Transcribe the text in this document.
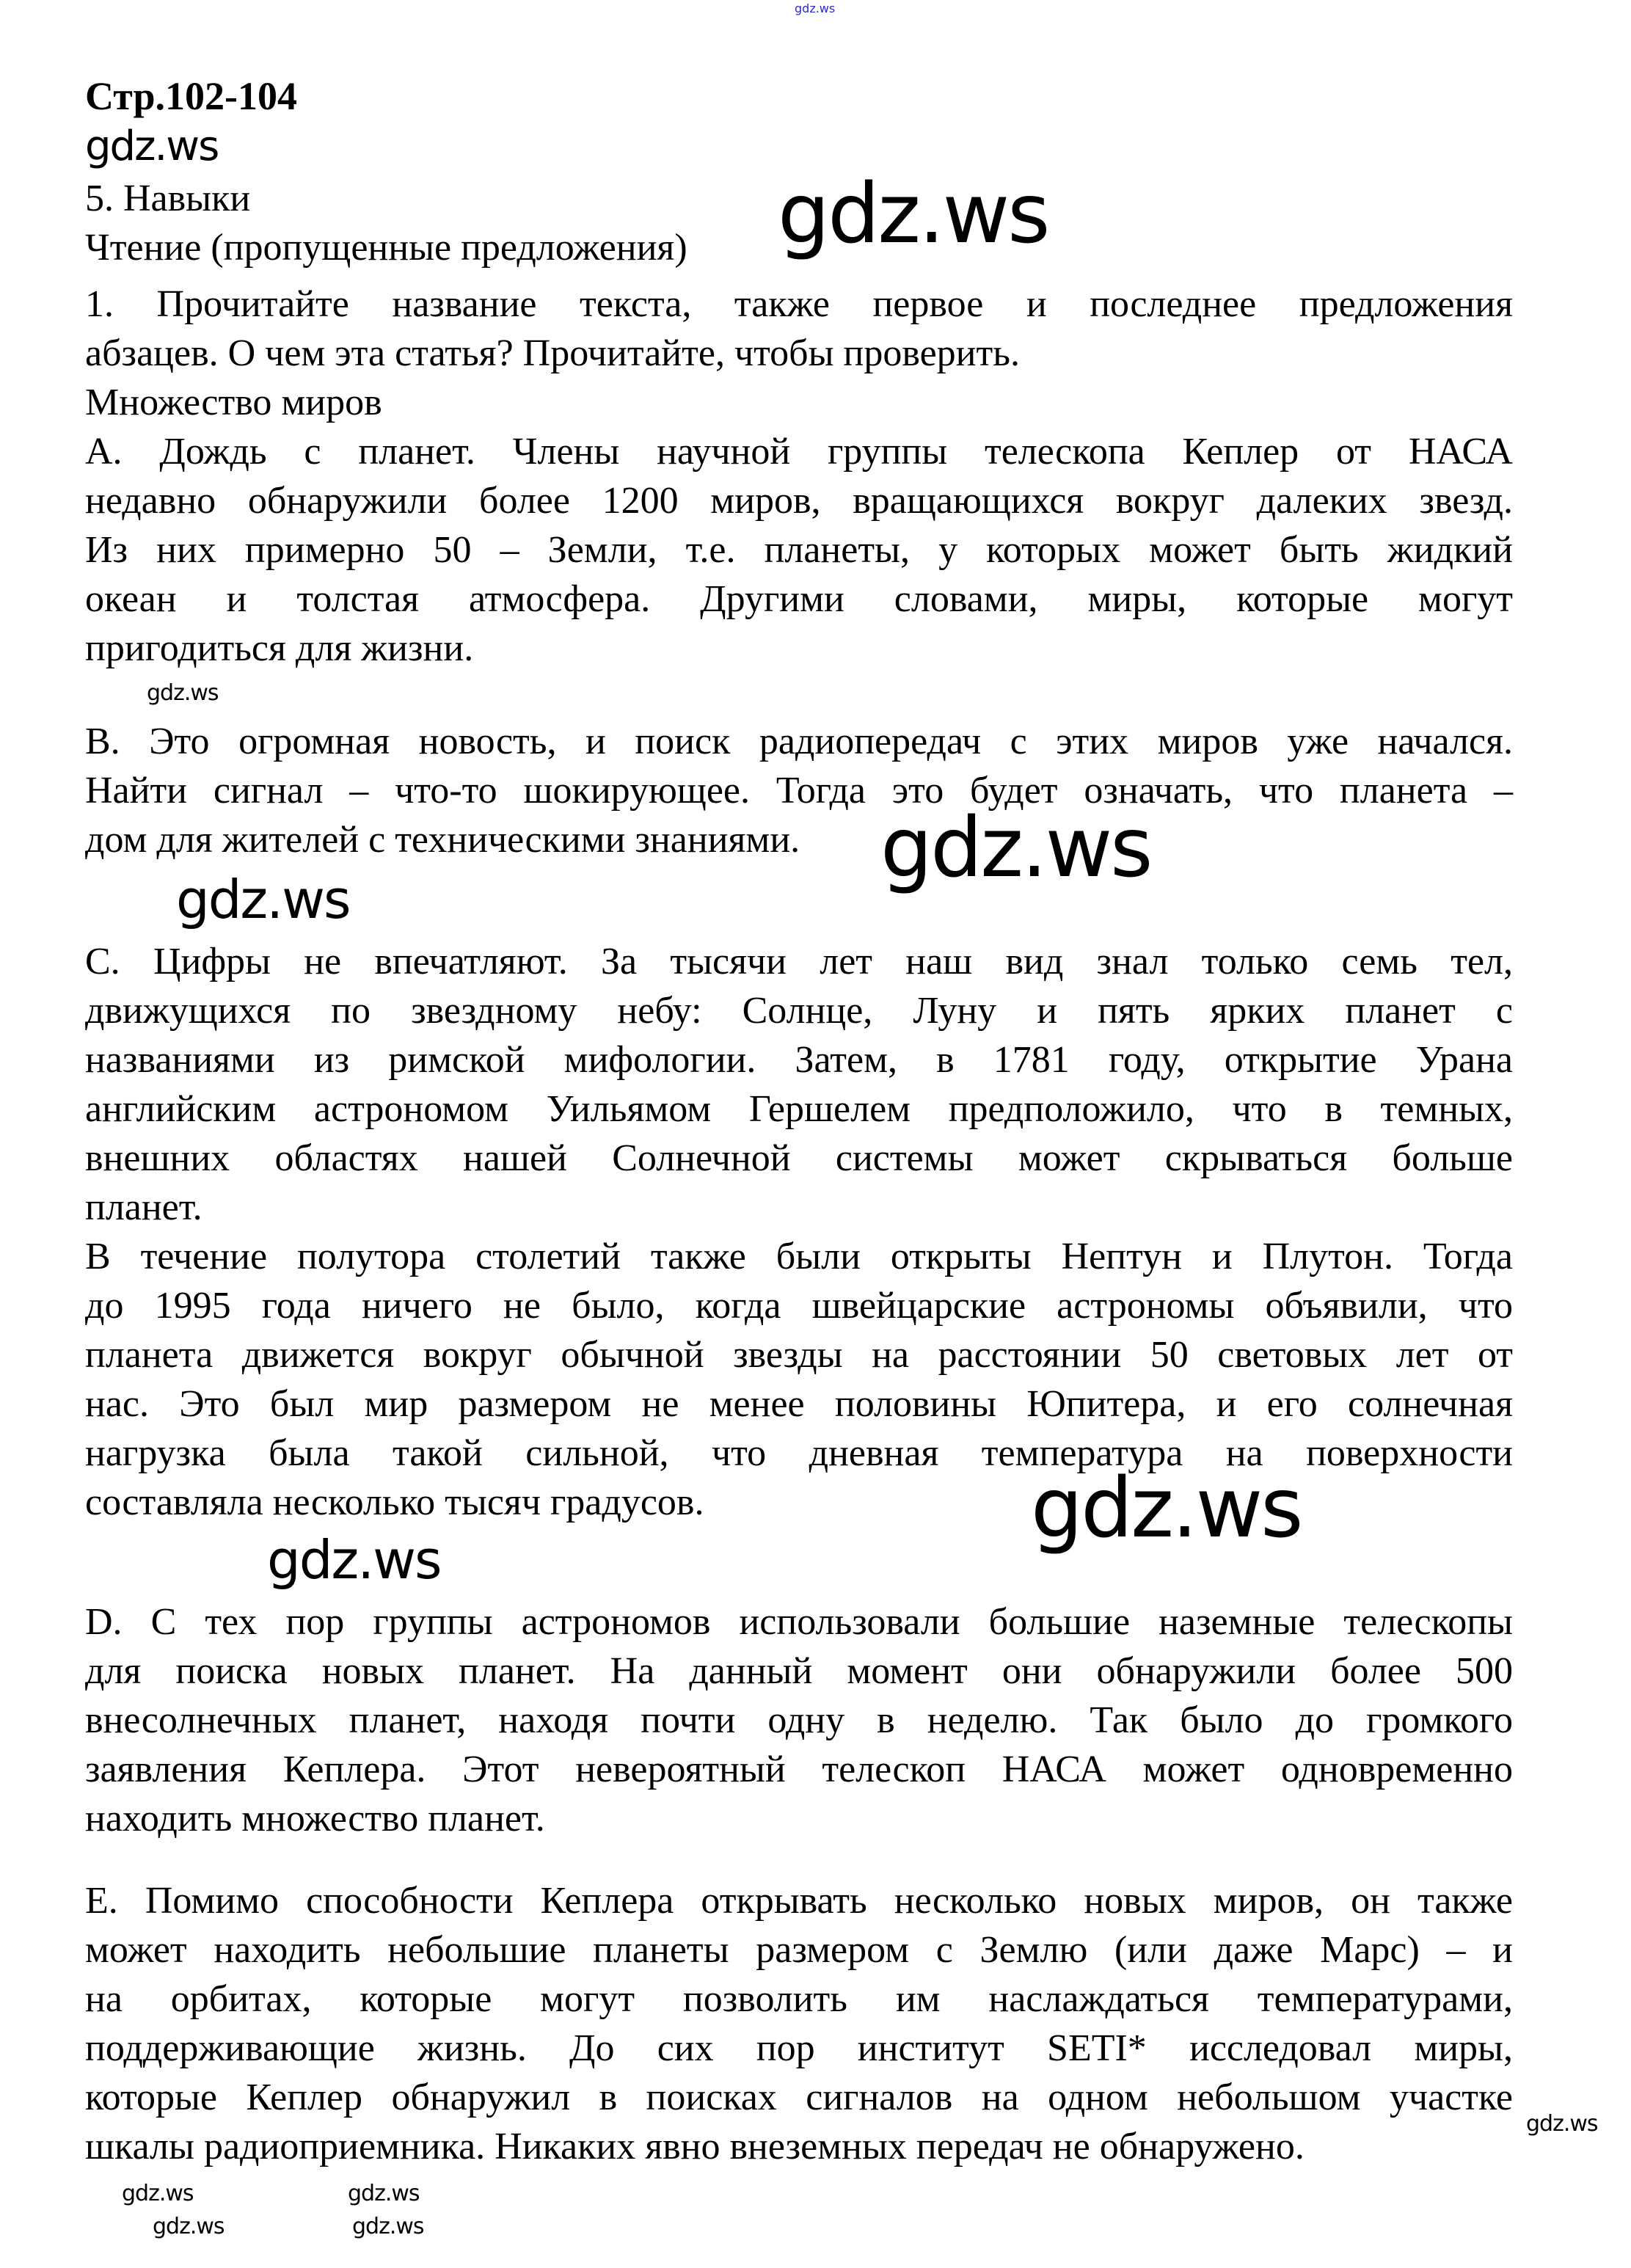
gdz.ws
Стр.102-104
gdz.ws
5. Навыки	gdz.ws
Чтение (пропущенные предложения)
1. Прочитайте название текста, также первое и последнее предложения
абзацев. О чем эта статья? Прочитайте, чтобы проверить.
Множество миров
А. Дождь с планет. Члены научной группы телескопа Кеплер от НАСА
недавно обнаружили более 1200 миров, вращающихся вокруг далеких звезд.
Из них примерно 50 – Земли, т.е. планеты, у которых может быть жидкий
океан и толстая атмосфера. Другими словами, миры, которые могут
пригодиться для жизни.
gdz.ws
В. Это огромная новость, и поиск радиопередач с этих миров уже начался.
Найти сигнал – что-то шокирующее. Тогда это будет означать, что планета –
дом для жителей с техническими знаниями. gdz.ws
gdz.ws
С. Цифры не впечатляют. За тысячи лет наш вид знал только семь тел,
движущихся по звездному небу: Солнце, Луну и пять ярких планет с
названиями из римской мифологии. Затем, в 1781 году, открытие Урана
английским астрономом Уильямом Гершелем предположило, что в темных,
внешних областях нашей Солнечной системы может скрываться больше
планет.
В течение полутора столетий также были открыты Нептун и Плутон. Тогда
до 1995 года ничего не было, когда швейцарские астрономы объявили, что
планета движется вокруг обычной звезды на расстоянии 50 световых лет от
нас. Это был мир размером не менее половины Юпитера, и его солнечная
нагрузка была такой сильной, что дневная температура на поверхности
составляла несколько тысяч градусов.	gdz.ws
gdz.ws
D. С тех пор группы астрономов использовали большие наземные телескопы
для поиска новых планет. На данный момент они обнаружили более 500
внесолнечных планет, находя почти одну в неделю. Так было до громкого
заявления Кеплера. Этот невероятный телескоп НАСА может одновременно
находить множество планет.
Е. Помимо способности Кеплера открывать несколько новых миров, он также
может находить небольшие планеты размером с Землю (или даже Марс) – и
на орбитах, которые могут позволить им наслаждаться температурами,
поддерживающие жизнь. До сих пор институт SETI* исследовал миры,
которые Кеплер обнаружил в поисках сигналов на одном небольшом участке
шкалы радиоприемника. Никаких явно внеземных передач не обнаружено.
gdz.ws	gdz.ws
gdz.ws	gdz.ws
gdz.ws
